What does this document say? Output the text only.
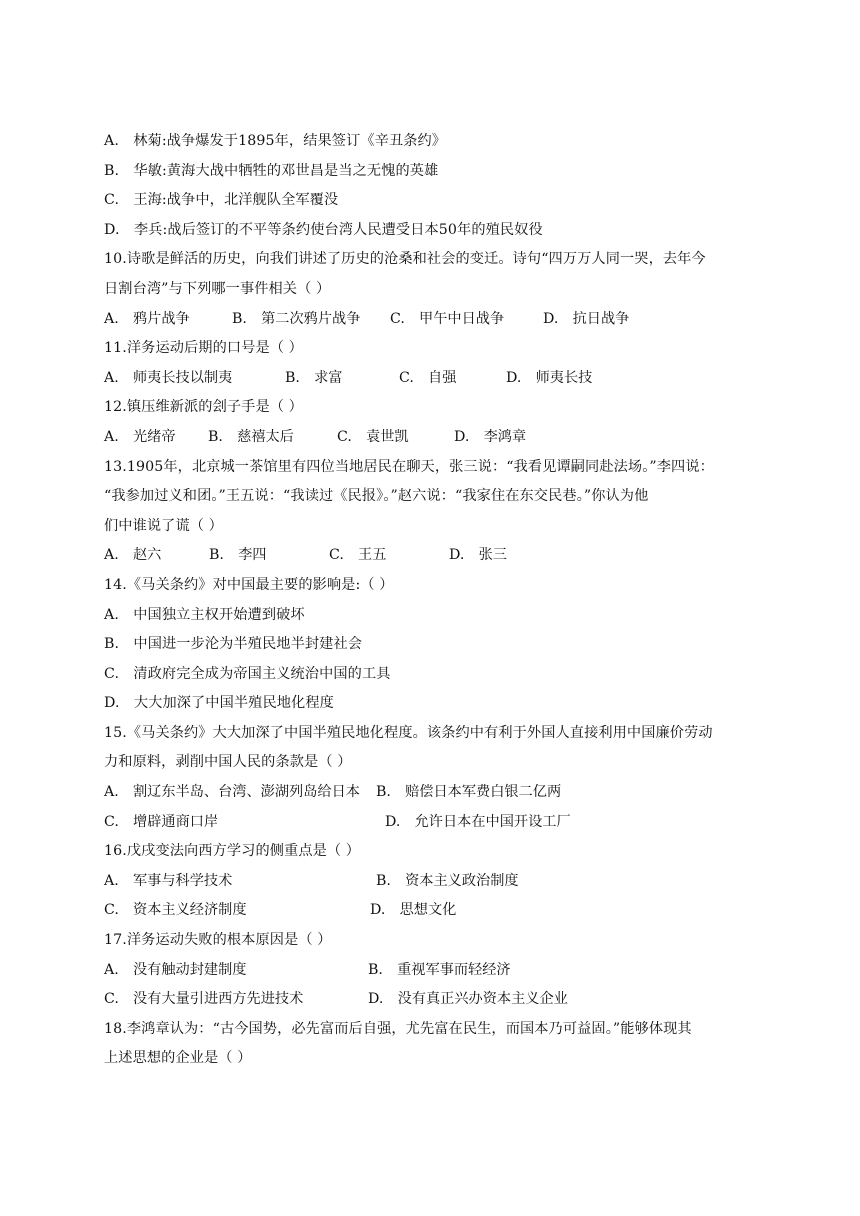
A.　林菊:战争爆发于1895年，结果签订《辛丑条约》
B.　华敏:黄海大战中牺牲的邓世昌是当之无愧的英雄
C.　王海:战争中，北洋舰队全军覆没
D.　李兵:战后签订的不平等条约使台湾人民遭受日本50年的殖民奴役
10.诗歌是鲜活的历史，向我们讲述了历史的沧桑和社会的变迁。诗句“四万万人同一哭，去年今
日割台湾”与下列哪一事件相关（ ）
A.　鸦片战争	B.　第二次鸦片战争	C.　甲午中日战争	D.　抗日战争
11.洋务运动后期的口号是（ ）
A.　师夷长技以制夷	B.　求富	C.　自强	D.　师夷长技
12.镇压维新派的刽子手是（ ）
A.　光绪帝	B.　慈禧太后	C.　袁世凯	D.　李鸿章
13.1905年，北京城一茶馆里有四位当地居民在聊天，张三说：“我看见谭嗣同赴法场。”李四说：
“我参加过义和团。”王五说：“我读过《民报》。”赵六说：“我家住在东交民巷。”你认为他
们中谁说了谎（ ）
A.　赵六	B.　李四	C.　王五	D.　张三
14.《马关条约》对中国最主要的影响是:（ ）
A.　中国独立主权开始遭到破坏
B.　中国进一步沦为半殖民地半封建社会
C.　清政府完全成为帝国主义统治中国的工具
D.　大大加深了中国半殖民地化程度
15.《马关条约》大大加深了中国半殖民地化程度。该条约中有利于外国人直接利用中国廉价劳动
力和原料，剥削中国人民的条款是（ ）
A.　割辽东半岛、台湾、澎湖列岛给日本	B.　赔偿日本军费白银二亿两
C.　增辟通商口岸	D.　允许日本在中国开设工厂
16.戊戌变法向西方学习的侧重点是（ ）
A.　军事与科学技术	B.　资本主义政治制度
C.　资本主义经济制度	D.　思想文化
17.洋务运动失败的根本原因是（ ）
A.　没有触动封建制度	B.　重视军事而轻经济
C.　没有大量引进西方先进技术	D.　没有真正兴办资本主义企业
18.李鸿章认为：“古今国势，必先富而后自强，尤先富在民生，而国本乃可益固。”能够体现其
上述思想的企业是（ ）
